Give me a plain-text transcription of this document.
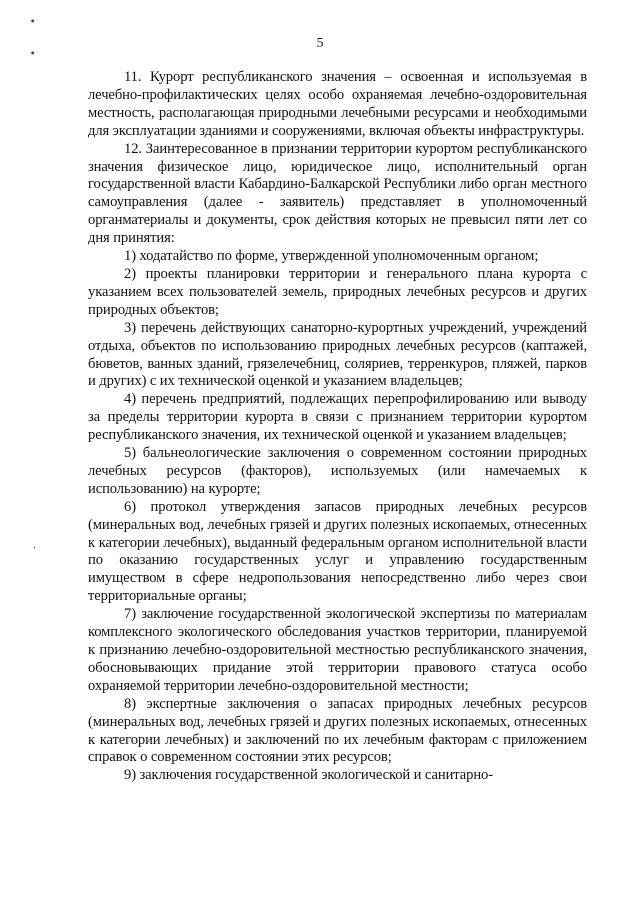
٭
٭
·
5

11. Курорт республиканского значения – освоенная и используемая в лечебно-профилактических целях особо охраняемая лечебно-оздоровительная местность, располагающая природными лечебными ресурсами и необходимыми для эксплуатации зданиями и сооружениями, включая объекты инфраструктуры.

12. Заинтересованное в признании территории курортом республиканского значения физическое лицо, юридическое лицо, исполнительный орган государственной власти Кабардино-Балкарской Республики либо орган местного самоуправления (далее - заявитель) представляет в уполномоченный органматериалы и документы, срок действия которых не превысил пяти лет со дня принятия:

1) ходатайство по форме, утвержденной уполномоченным органом;

2) проекты планировки территории и генерального плана курорта с указанием всех пользователей земель, природных лечебных ресурсов и других природных объектов;

3) перечень действующих санаторно-курортных учреждений, учреждений отдыха, объектов по использованию природных лечебных ресурсов (каптажей, бюветов, ванных зданий, грязелечебниц, соляриев, терренкуров, пляжей, парков и других) с их технической оценкой и указанием владельцев;

4) перечень предприятий, подлежащих перепрофилированию или выводу за пределы территории курорта в связи с признанием территории курортом республиканского значения, их технической оценкой и указанием владельцев;

5) бальнеологические заключения о современном состоянии природных лечебных ресурсов (факторов), используемых (или намечаемых к использованию) на курорте;

6) протокол утверждения запасов природных лечебных ресурсов (минеральных вод, лечебных грязей и других полезных ископаемых, отнесенных к категории лечебных), выданный федеральным органом исполнительной власти по оказанию государственных услуг и управлению государственным имуществом в сфере недропользования непосредственно либо через свои территориальные органы;

7) заключение государственной экологической экспертизы по материалам комплексного экологического обследования участков территории, планируемой к признанию лечебно-оздоровительной местностью республиканского значения, обосновывающих придание этой территории правового статуса особо охраняемой территории лечебно-оздоровительной местности;

8) экспертные заключения о запасах природных лечебных ресурсов (минеральных вод, лечебных грязей и других полезных ископаемых, отнесенных к категории лечебных) и заключений по их лечебным факторам с приложением справок о современном состоянии этих ресурсов;

9) заключения государственной экологической и санитарно-
